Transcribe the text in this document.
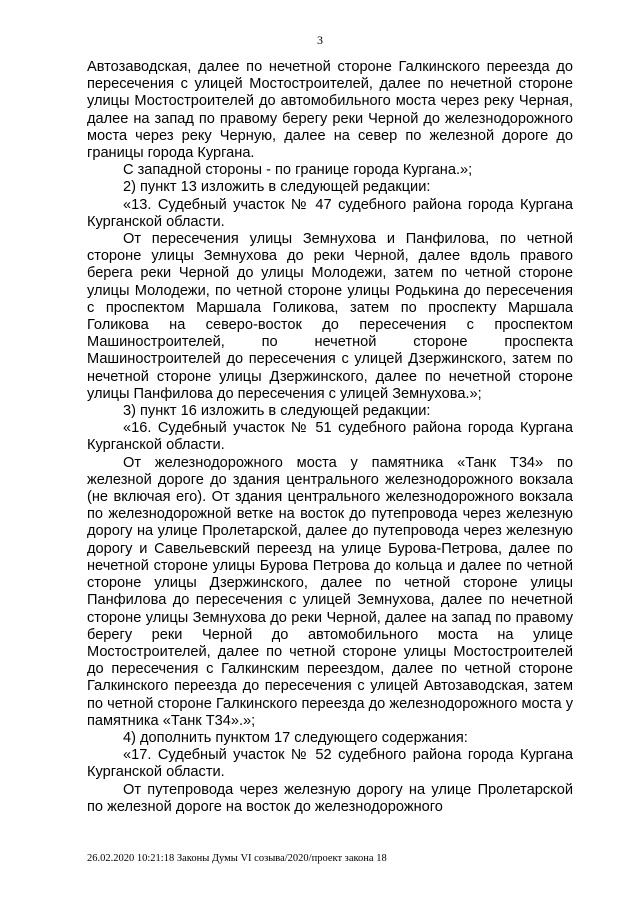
3

Автозаводская, далее по нечетной стороне Галкинского переезда до пересечения с улицей Мостостроителей, далее по нечетной стороне улицы Мостостроителей до автомобильного моста через реку Черная, далее на запад по правому берегу реки Черной до железнодорожного моста через реку Черную, далее на север по железной дороге до границы города Кургана.

С западной стороны - по границе города Кургана.»;

2) пункт 13 изложить в следующей редакции:

«13. Судебный участок № 47 судебного района города Кургана Курганской области.

От пересечения улицы Земнухова и Панфилова, по четной стороне улицы Земнухова до реки Черной, далее вдоль правого берега реки Черной до улицы Молодежи, затем по четной стороне улицы Молодежи, по четной стороне улицы Родькина до пересечения с проспектом Маршала Голикова, затем по проспекту Маршала Голикова на северо-восток до пересечения с проспектом Машиностроителей, по нечетной стороне проспекта Машиностроителей до пересечения с улицей Дзержинского, затем по нечетной стороне улицы Дзержинского, далее по нечетной стороне улицы Панфилова до пересечения с улицей Земнухова.»;

3) пункт 16 изложить в следующей редакции:

«16. Судебный участок № 51 судебного района города Кургана Курганской области.

От железнодорожного моста у памятника «Танк Т34» по железной дороге до здания центрального железнодорожного вокзала (не включая его). От здания центрального железнодорожного вокзала по железнодорожной ветке на восток до путепровода через железную дорогу на улице Пролетарской, далее до путепровода через железную дорогу и Савельевский переезд на улице Бурова-Петрова, далее по нечетной стороне улицы Бурова Петрова до кольца и далее по четной стороне улицы Дзержинского, далее по четной стороне улицы Панфилова до пересечения с улицей Земнухова, далее по нечетной стороне улицы Земнухова до реки Черной, далее на запад по правому берегу реки Черной до автомобильного моста на улице Мостостроителей, далее по четной стороне улицы Мостостроителей до пересечения с Галкинским переездом, далее по четной стороне Галкинского переезда до пересечения с улицей Автозаводская, затем по четной стороне Галкинского переезда до железнодорожного моста у памятника «Танк Т34».»;

4) дополнить пунктом 17 следующего содержания:

«17. Судебный участок № 52 судебного района города Кургана Курганской области.

От путепровода через железную дорогу на улице Пролетарской по железной дороге на восток до железнодорожного

26.02.2020 10:21:18 Законы Думы VI созыва/2020/проект закона 18
